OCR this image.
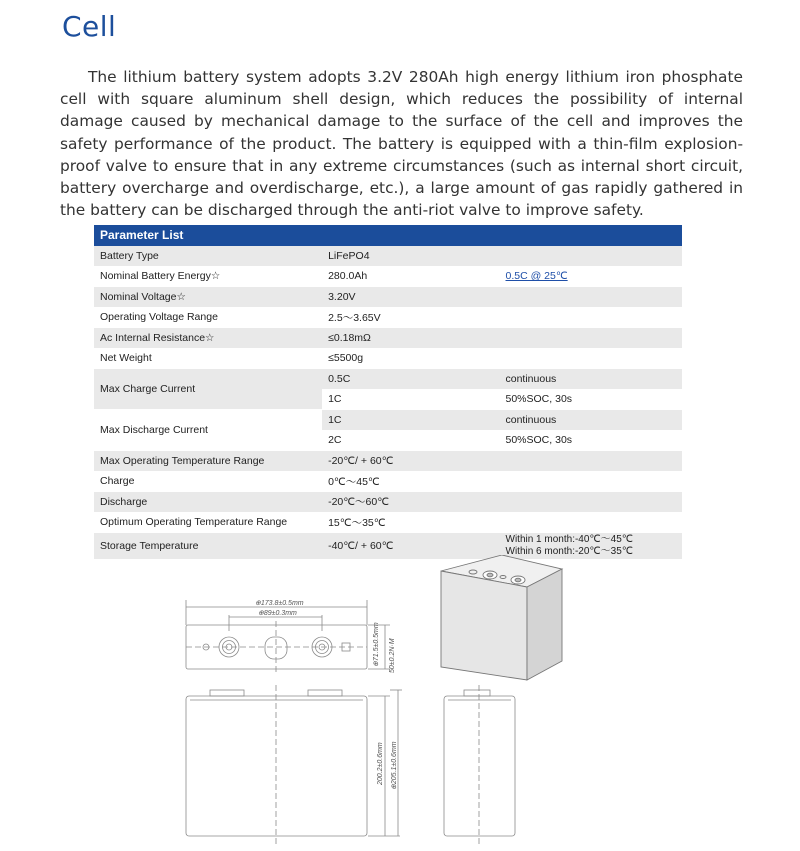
Cell

The lithium battery system adopts 3.2V 280Ah high energy lithium iron phosphate cell with square aluminum shell design, which reduces the possibility of internal damage caused by mechanical damage to the surface of the cell and improves the safety performance of the product. The battery is equipped with a thin-film explosion-proof valve to ensure that in any extreme circumstances (such as internal short circuit, battery overcharge and overdischarge, etc.), a large amount of gas rapidly gathered in the battery can be discharged through the anti-riot valve to improve safety.

Parameter List
Battery Type	LiFePO4	
Nominal Battery Energy☆	280.0Ah	0.5C @ 25℃
Nominal Voltage☆	3.20V	
Operating Voltage Range	2.5～3.65V	
Ac Internal Resistance☆	≤0.18mΩ	
Net Weight	≤5500g	
Max Charge Current	0.5C	continuous
	1C	50%SOC, 30s
Max Discharge Current	1C	continuous
	2C	50%SOC, 30s
Max Operating Temperature Range	-20℃/ + 60℃	
Charge	0℃～45℃	
Discharge	-20℃～60℃	
Optimum Operating Temperature Range	15℃～35℃	
Storage Temperature	-40℃/ + 60℃	Within 1 month:-40℃～45℃
Within 6 month:-20℃～35℃
⊕173.8±0.5mm
⊕89±0.3mm
⊕71.5±0.5mm 50±0.2N·M
200.2±0.6mm ⊕205.1±0.6mm
